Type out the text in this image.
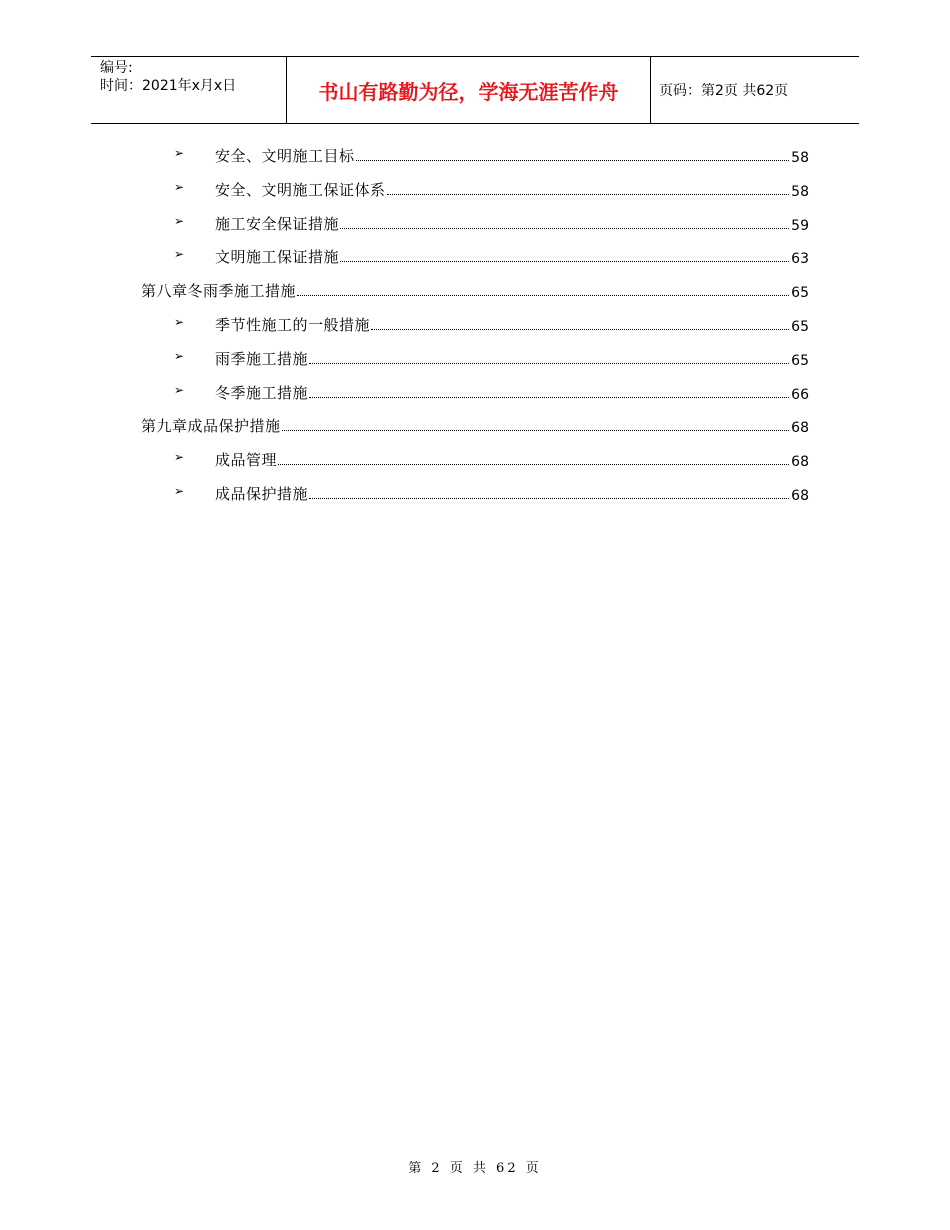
编号:
时间：2021年x月x日	书山有路勤为径，学海无涯苦作舟	页码：第2页 共62页
➢ 安全、文明施工目标	58
➢ 安全、文明施工保证体系	58
➢ 施工安全保证措施	59
➢ 文明施工保证措施	63
第八章冬雨季施工措施	65
➢ 季节性施工的一般措施	65
➢ 雨季施工措施	65
➢ 冬季施工措施	66
第九章成品保护措施	68
➢ 成品管理	68
➢ 成品保护措施	68
第 2 页 共 62 页
